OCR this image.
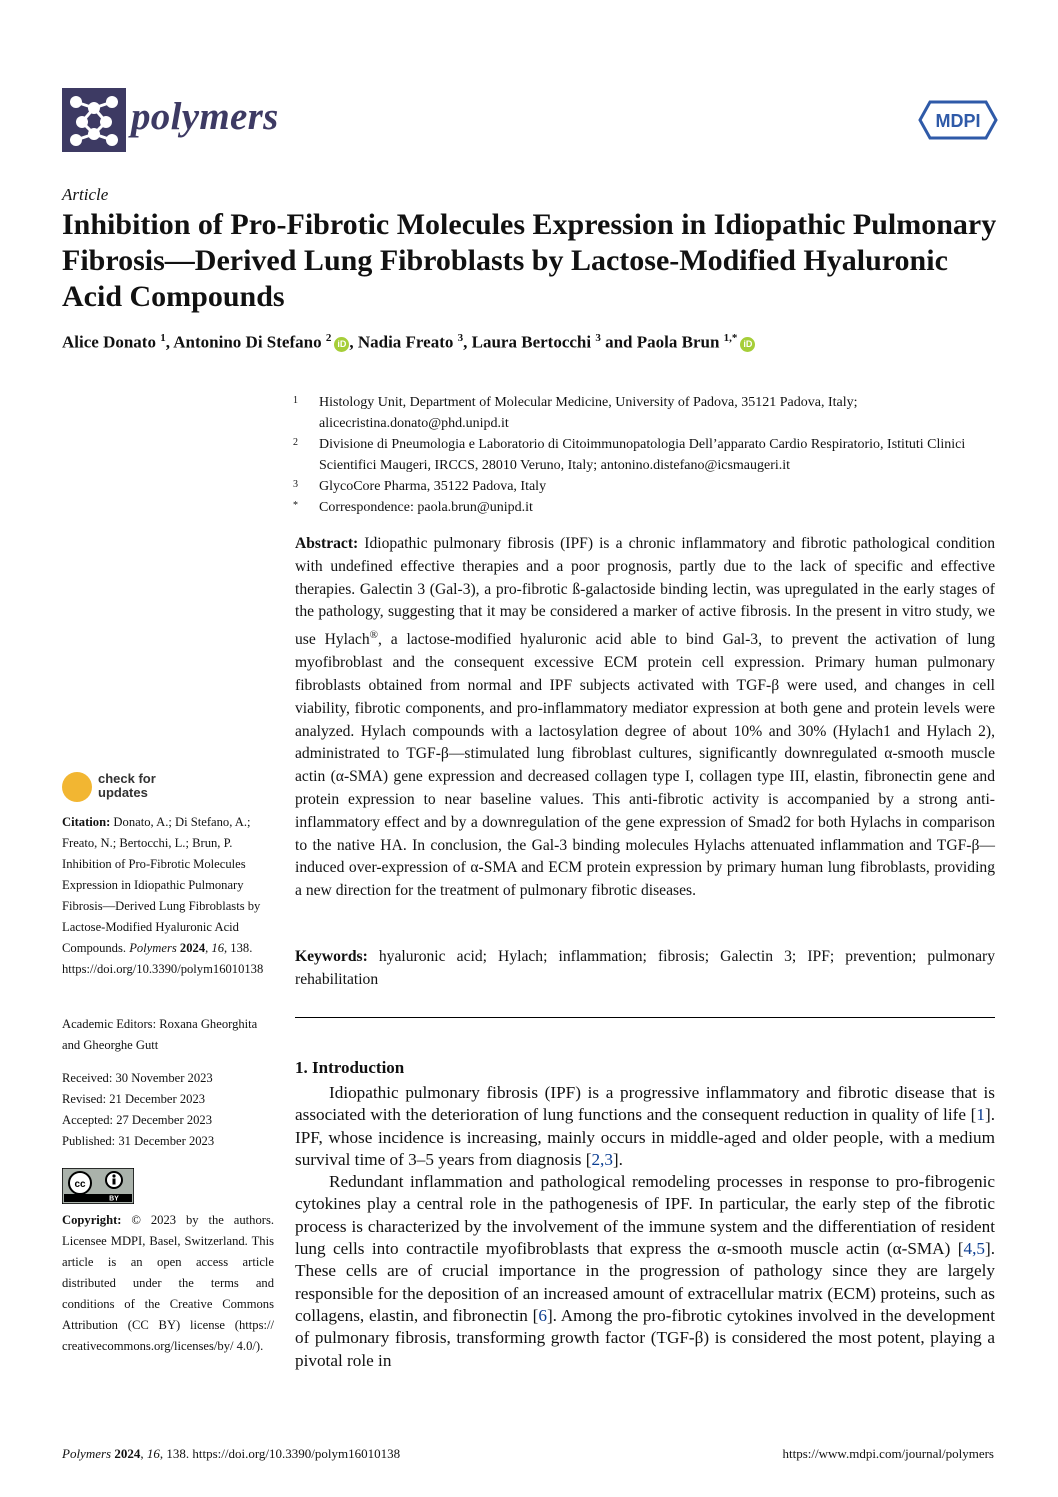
polymers	MDPI
Article
Inhibition of Pro-Fibrotic Molecules Expression in Idiopathic Pulmonary Fibrosis—Derived Lung Fibroblasts by Lactose-Modified Hyaluronic Acid Compounds
Alice Donato $^1$, Antonino Di Stefano $^2$ iD , Nadia Freato $^3$, Laura Bertocchi $^3$ and Paola Brun $^{1,*}$ iD
1 Histology Unit, Department of Molecular Medicine, University of Padova, 35121 Padova, Italy; alicecristina.donato@phd.unipd.it
2 Divisione di Pneumologia e Laboratorio di Citoimmunopatologia Dell’apparato Cardio Respiratorio, Istituti Clinici Scientifici Maugeri, IRCCS, 28010 Veruno, Italy; antonino.distefano@icsmaugeri.it
3 GlycoCore Pharma, 35122 Padova, Italy
* Correspondence: paola.brun@unipd.it
Abstract: Idiopathic pulmonary fibrosis (IPF) is a chronic inflammatory and fibrotic pathological condition with undefined effective therapies and a poor prognosis, partly due to the lack of specific and effective therapies. Galectin 3 (Gal-3), a pro-fibrotic ß-galactoside binding lectin, was upregulated in the early stages of the pathology, suggesting that it may be considered a marker of active fibrosis. In the present in vitro study, we use Hylach®, a lactose-modified hyaluronic acid able to bind Gal-3, to prevent the activation of lung myofibroblast and the consequent excessive ECM protein cell expression. Primary human pulmonary fibroblasts obtained from normal and IPF subjects activated with TGF-β were used, and changes in cell viability, fibrotic components, and pro-inflammatory mediator expression at both gene and protein levels were analyzed. Hylach compounds with a lactosylation degree of about 10% and 30% (Hylach1 and Hylach 2), administrated to TGF-β—stimulated lung fibroblast cultures, significantly downregulated α-smooth muscle actin (α-SMA) gene expression and decreased collagen type I, collagen type III, elastin, fibronectin gene and protein expression to near baseline values. This anti-fibrotic activity is accompanied by a strong anti-inflammatory effect and by a downregulation of the gene expression of Smad2 for both Hylachs in comparison to the native HA. In conclusion, the Gal-3 binding molecules Hylachs attenuated inflammation and TGF-β—induced over-expression of α-SMA and ECM protein expression by primary human lung fibroblasts, providing a new direction for the treatment of pulmonary fibrotic diseases.
Keywords: hyaluronic acid; Hylach; inflammation; fibrosis; Galectin 3; IPF; prevention; pulmonary rehabilitation
1. Introduction

Idiopathic pulmonary fibrosis (IPF) is a progressive inflammatory and fibrotic disease that is associated with the deterioration of lung functions and the consequent reduction in quality of life [1]. IPF, whose incidence is increasing, mainly occurs in middle-aged and older people, with a medium survival time of 3–5 years from diagnosis [2,3].

Redundant inflammation and pathological remodeling processes in response to pro-fibrogenic cytokines play a central role in the pathogenesis of IPF. In particular, the early step of the fibrotic process is characterized by the involvement of the immune system and the differentiation of resident lung cells into contractile myofibroblasts that express the α-smooth muscle actin (α-SMA) [4,5]. These cells are of crucial importance in the progression of pathology since they are largely responsible for the deposition of an increased amount of extracellular matrix (ECM) proteins, such as collagens, elastin, and fibronectin [6]. Among the pro-fibrotic cytokines involved in the development of pulmonary fibrosis, transforming growth factor (TGF-β) is considered the most potent, playing a pivotal role in

check for updates
Citation: Donato, A.; Di Stefano, A.; Freato, N.; Bertocchi, L.; Brun, P. Inhibition of Pro-Fibrotic Molecules Expression in Idiopathic Pulmonary Fibrosis—Derived Lung Fibroblasts by Lactose-Modified Hyaluronic Acid Compounds. Polymers 2024, 16, 138. https://doi.org/10.3390/polym16010138
Academic Editors: Roxana Gheorghita and Gheorghe Gutt
Received: 30 November 2023
Revised: 21 December 2023
Accepted: 27 December 2023
Published: 31 December 2023
cc
BY
Copyright: © 2023 by the authors. Licensee MDPI, Basel, Switzerland. This article is an open access article distributed under the terms and conditions of the Creative Commons Attribution (CC BY) license (https:// creativecommons.org/licenses/by/ 4.0/).
Polymers 2024, 16, 138. https://doi.org/10.3390/polym16010138	https://www.mdpi.com/journal/polymers
